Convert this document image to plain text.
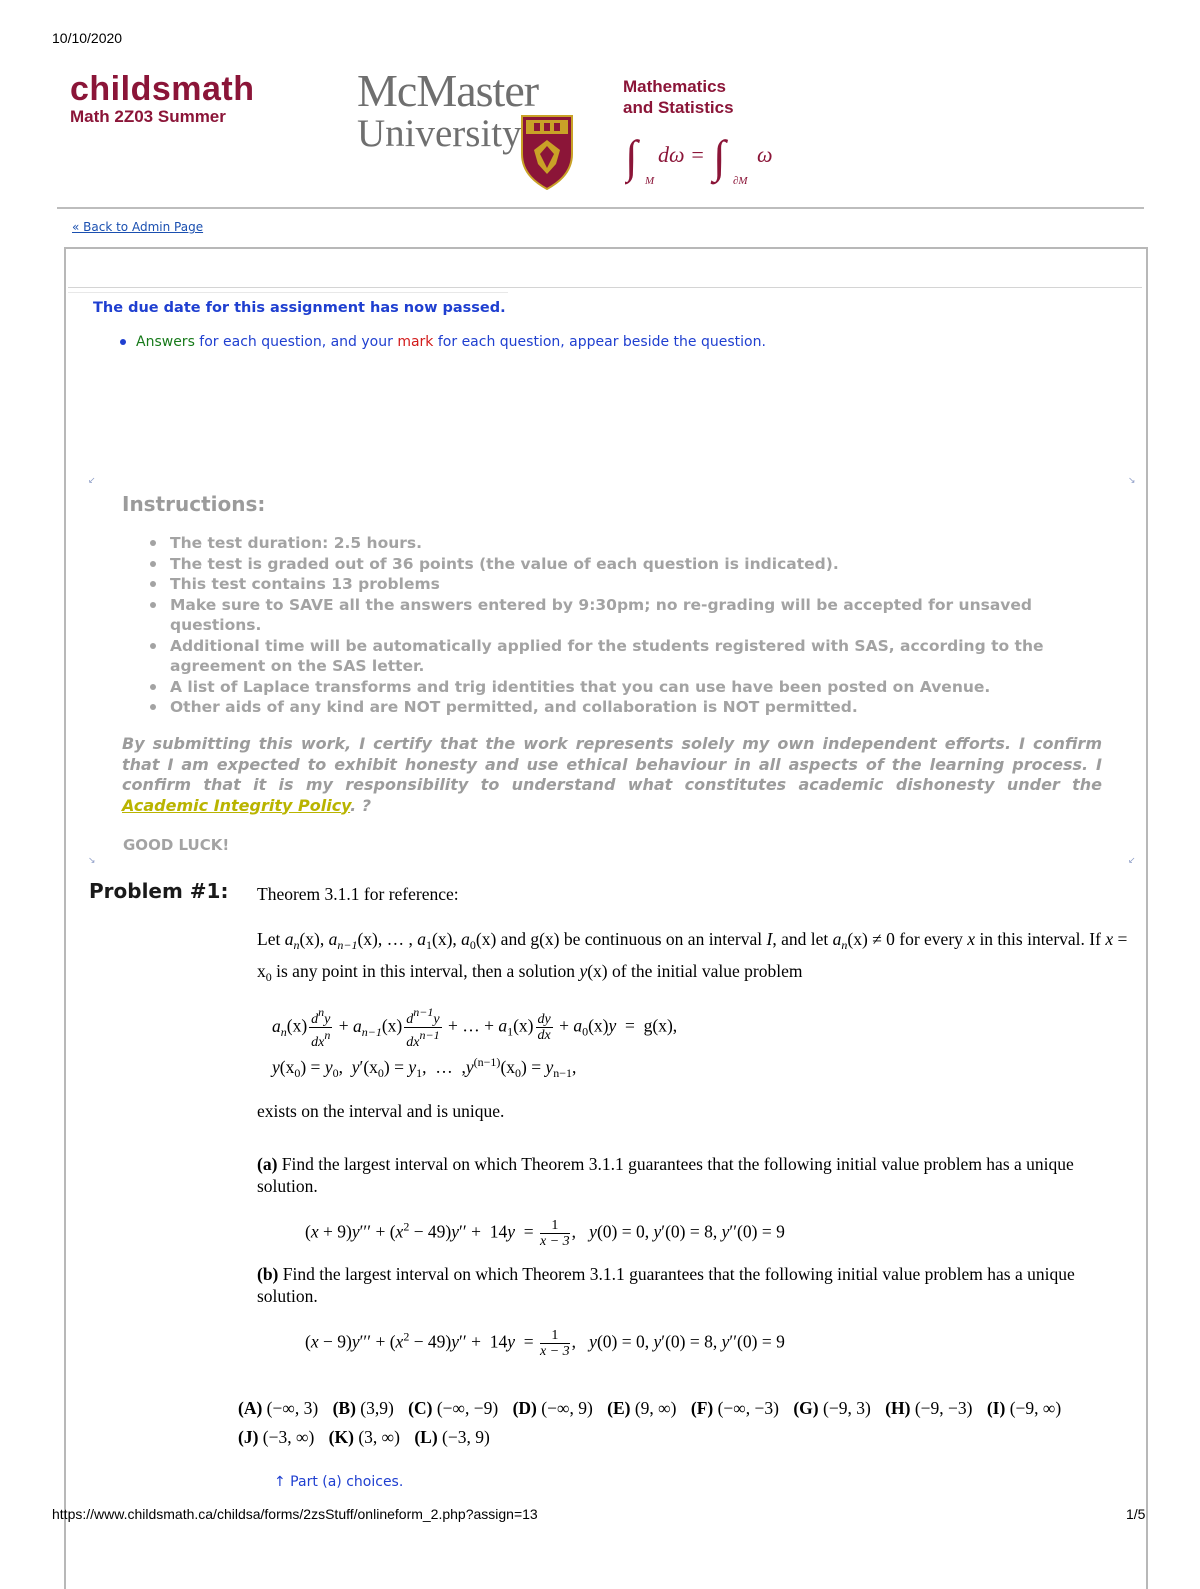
10/10/2020
childsmath
Math 2Z03 Summer
McMaster
University
Mathematics
and Statistics
∫ M
dω = ∫ ∂M
ω
« Back to Admin Page
The due date for this assignment has now passed.
Answers for each question, and your mark for each question, appear beside the question.
↙	↘
↘	↙
Instructions:
The test duration: 2.5 hours.
The test is graded out of 36 points (the value of each question is indicated).
This test contains 13 problems
Make sure to SAVE all the answers entered by 9:30pm; no re-grading will be accepted for unsaved questions.
Additional time will be automatically applied for the students registered with SAS, according to the agreement on the SAS letter.
A list of Laplace transforms and trig identities that you can use have been posted on Avenue.
Other aids of any kind are NOT permitted, and collaboration is NOT permitted.
By submitting this work, I certify that the work represents solely my own independent efforts. I confirm that I am expected to exhibit honesty and use ethical behaviour in all aspects of the learning process. I confirm that it is my responsibility to understand what constitutes academic dishonesty under the Academic Integrity Policy. ?
GOOD LUCK!
Problem #1: Theorem 3.1.1 for reference:
Let $a_n(x)$, $a_{n-1}(x)$, … , $a_1(x)$, $a_0(x)$ and g(x) be continuous on an interval I, and let $a_n(x) \ne 0$ for every x in this interval. If $x = x_0$ is any point in this interval, then a solution y(x) of the initial value problem
$a_n(x) \frac{\text{dny}}{\text{dxn}} + a_{n-1}(x) \frac{dn-1y}{\text{dxn−1}}$ + … + $a_1(x) \frac{dy}{dx} + a_0(x)y = g(x)$,
$y(x_0) = y_0$,  $y'(x_0) = y_1$,  …  $,y^{(n-1)}(x_0) = y_{n-1}$,
exists on the interval and is unique.
(a) Find the largest interval on which Theorem 3.1.1 guarantees that the following initial value problem has a unique solution.
$(x + 9)y''' + (x^2 - 49)y'' + 14y = \frac{1}{x - 3}$ ,   y(0) = 0, y′(0) = 8, y′′(0) = 9
(b) Find the largest interval on which Theorem 3.1.1 guarantees that the following initial value problem has a unique solution.
$(x - 9)y''' + (x^2 - 49)y'' + 14y = \frac{1}{x - 3}$ ,   y(0) = 0, y′(0) = 8, y′′(0) = 9
(A) (−∞, 3) (B) (3,9) (C) (−∞, −9) (D) (−∞, 9) (E) (9, ∞) (F) (−∞, −3) (G) (−9, 3) (H) (−9, −3) (I) (−9, ∞)
(J) (−3, ∞) (K) (3, ∞) (L) (−3, 9)
↑ Part (a) choices.
https://www.childsmath.ca/childsa/forms/2zsStuff/onlineform_2.php?assign=13	1/5
